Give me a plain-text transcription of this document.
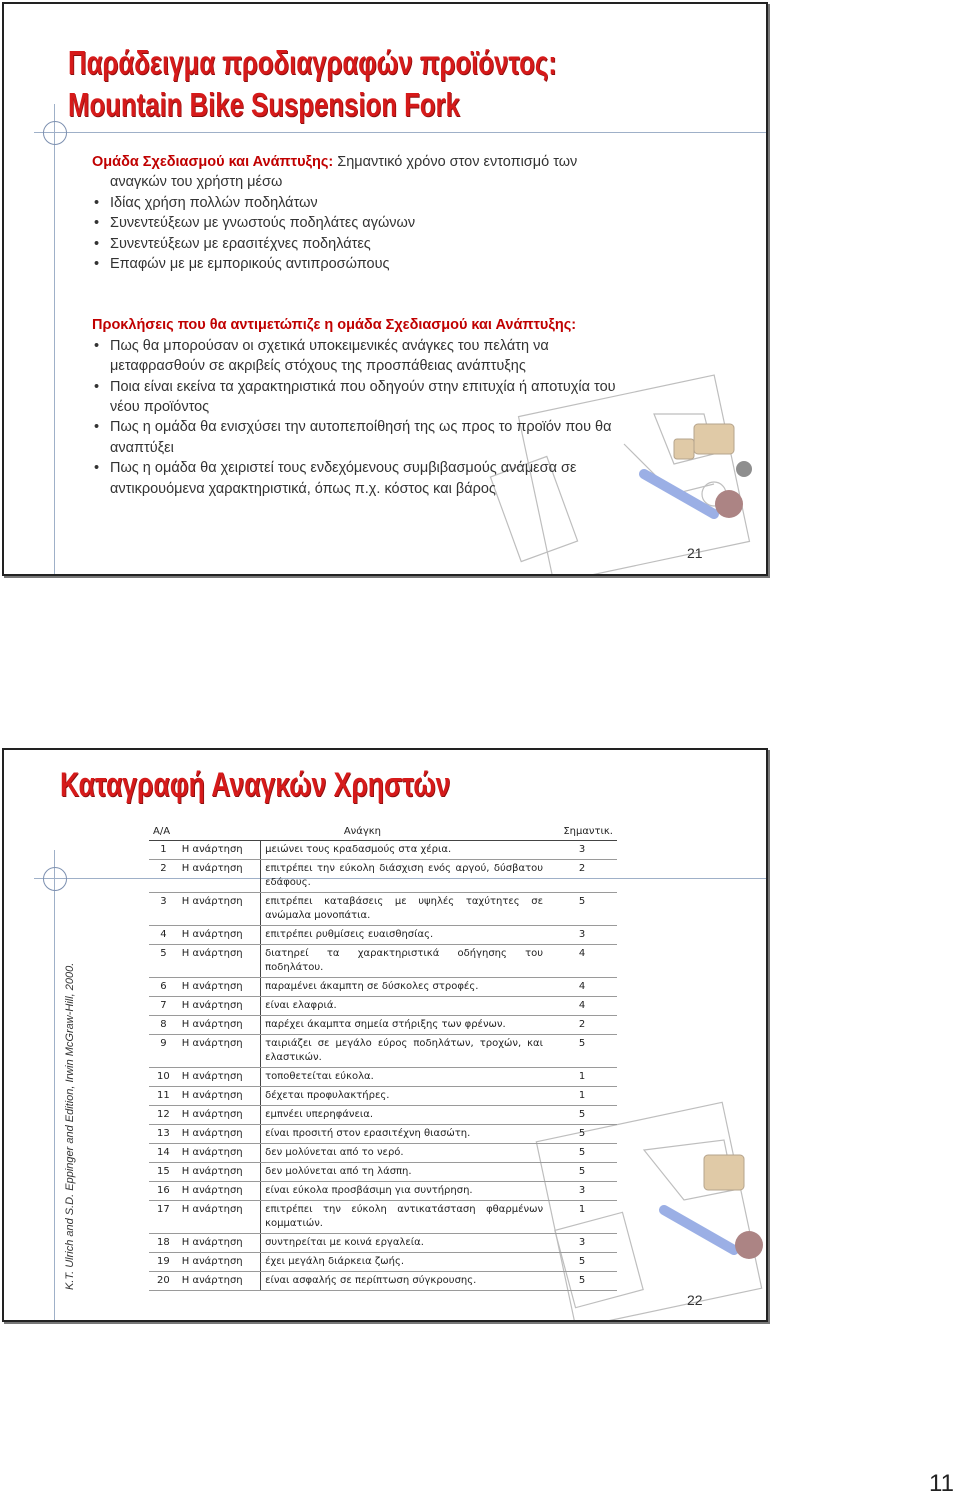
Παράδειγμα προδιαγραφών προϊόντος:
Mountain Bike Suspension Fork
Ομάδα Σχεδιασμού και Ανάπτυξης: Σημαντικό χρόνο στον εντοπισμό των
αναγκών του χρήστη μέσω
• Ιδίας χρήση πολλών ποδηλάτων
• Συνεντεύξεων με γνωστούς ποδηλάτες αγώνων
• Συνεντεύξεων με ερασιτέχνες ποδηλάτες
• Επαφών με με εμπορικούς αντιπροσώπους
Προκλήσεις που θα αντιμετώπιζε η ομάδα Σχεδιασμού και Ανάπτυξης:
• Πως θα μπορούσαν οι σχετικά υποκειμενικές ανάγκες του πελάτη να
μεταφρασθούν σε ακριβείς στόχους της προσπάθειας ανάπτυξης
• Ποια είναι εκείνα τα χαρακτηριστικά που οδηγούν στην επιτυχία ή αποτυχία του
νέου προϊόντος
• Πως η ομάδα θα ενισχύσει την αυτοπεποίθησή της ως προς το προϊόν που θα
αναπτύξει
• Πως η ομάδα θα χειριστεί τους ενδεχόμενους συμβιβασμούς ανάμεσα σε
αντικρουόμενα χαρακτηριστικά, όπως π.χ. κόστος και βάρος
21
Καταγραφή Αναγκών Χρηστών
Α/Α	Ανάγκη		Σημαντικ.
1	Η ανάρτηση	μειώνει τους κραδασμούς στα χέρια.	3
2	Η ανάρτηση	επιτρέπει την εύκολη διάσχιση ενός αργού, δύσβατου εδάφους.	2
3	Η ανάρτηση	επιτρέπει καταβάσεις με υψηλές ταχύτητες σε ανώμαλα μονοπάτια.	5
4	Η ανάρτηση	επιτρέπει ρυθμίσεις ευαισθησίας.	3
5	Η ανάρτηση	διατηρεί τα χαρακτηριστικά οδήγησης του ποδηλάτου.	4
6	Η ανάρτηση	παραμένει άκαμπτη σε δύσκολες στροφές.	4
7	Η ανάρτηση	είναι ελαφριά.	4
8	Η ανάρτηση	παρέχει άκαμπτα σημεία στήριξης των φρένων.	2
9	Η ανάρτηση	ταιριάζει σε μεγάλο εύρος ποδηλάτων, τροχών, και ελαστικών.	5
10	Η ανάρτηση	τοποθετείται εύκολα.	1
11	Η ανάρτηση	δέχεται προφυλακτήρες.	1
12	Η ανάρτηση	εμπνέει υπερηφάνεια.	5
13	Η ανάρτηση	είναι προσιτή στον ερασιτέχνη θιασώτη.	5
14	Η ανάρτηση	δεν μολύνεται από το νερό.	5
15	Η ανάρτηση	δεν μολύνεται από τη λάσπη.	5
16	Η ανάρτηση	είναι εύκολα προσβάσιμη για συντήρηση.	3
17	Η ανάρτηση	επιτρέπει την εύκολη αντικατάσταση φθαρμένων κομματιών.	1
18	Η ανάρτηση	συντηρείται με κοινά εργαλεία.	3
19	Η ανάρτηση	έχει μεγάλη διάρκεια ζωής.	5
20	Η ανάρτηση	είναι ασφαλής σε περίπτωση σύγκρουσης.	5
K.T. Ulrich and S.D. Eppinger and Edition, Irwin McGraw-Hill, 2000.
22
11
